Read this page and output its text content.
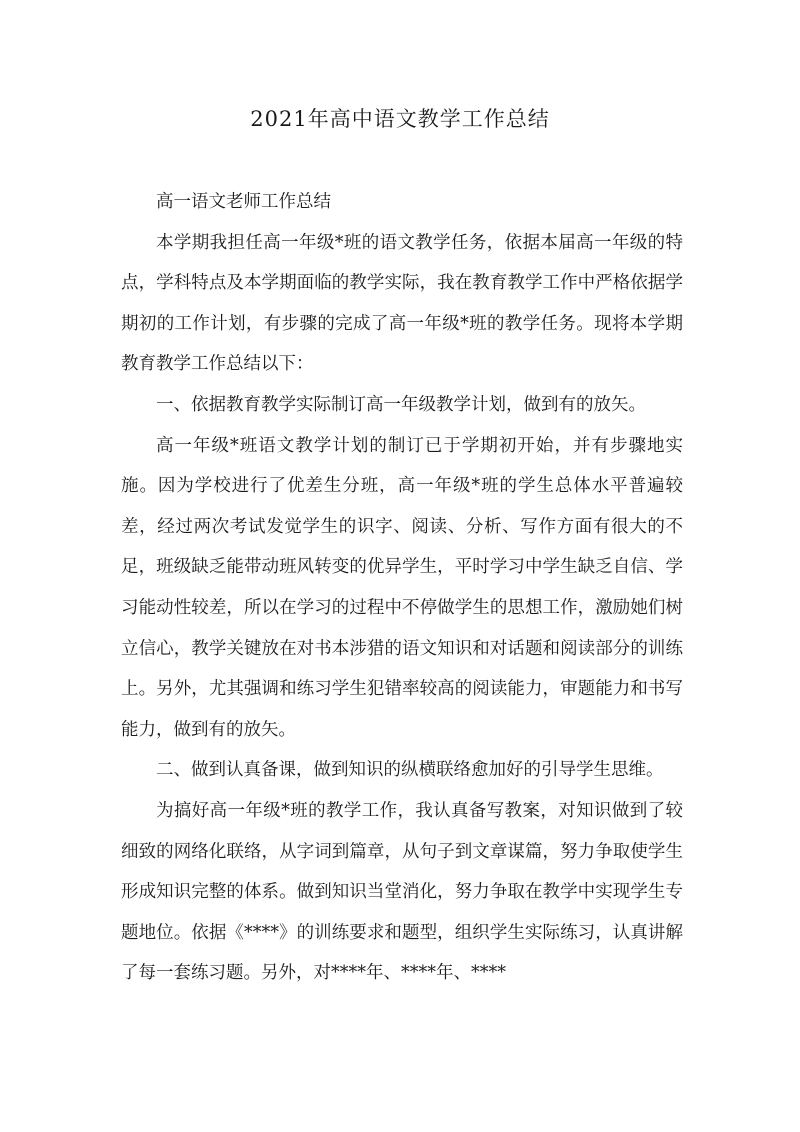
2021年高中语文教学工作总结

高一语文老师工作总结

本学期我担任高一年级*班的语文教学任务，依据本届高一年级的特点，学科特点及本学期面临的教学实际，我在教育教学工作中严格依据学期初的工作计划，有步骤的完成了高一年级*班的教学任务。现将本学期教育教学工作总结以下：

一、依据教育教学实际制订高一年级教学计划，做到有的放矢。

高一年级*班语文教学计划的制订已于学期初开始，并有步骤地实施。因为学校进行了优差生分班，高一年级*班的学生总体水平普遍较差，经过两次考试发觉学生的识字、阅读、分析、写作方面有很大的不足，班级缺乏能带动班风转变的优异学生，平时学习中学生缺乏自信、学习能动性较差，所以在学习的过程中不停做学生的思想工作，激励她们树立信心，教学关键放在对书本涉猎的语文知识和对话题和阅读部分的训练上。另外，尤其强调和练习学生犯错率较高的阅读能力，审题能力和书写能力，做到有的放矢。

二、做到认真备课，做到知识的纵横联络愈加好的引导学生思维。

为搞好高一年级*班的教学工作，我认真备写教案，对知识做到了较细致的网络化联络，从字词到篇章，从句子到文章谋篇，努力争取使学生形成知识完整的体系。做到知识当堂消化，努力争取在教学中实现学生专题地位。依据《****》的训练要求和题型，组织学生实际练习，认真讲解了每一套练习题。另外，对****年、****年、****
